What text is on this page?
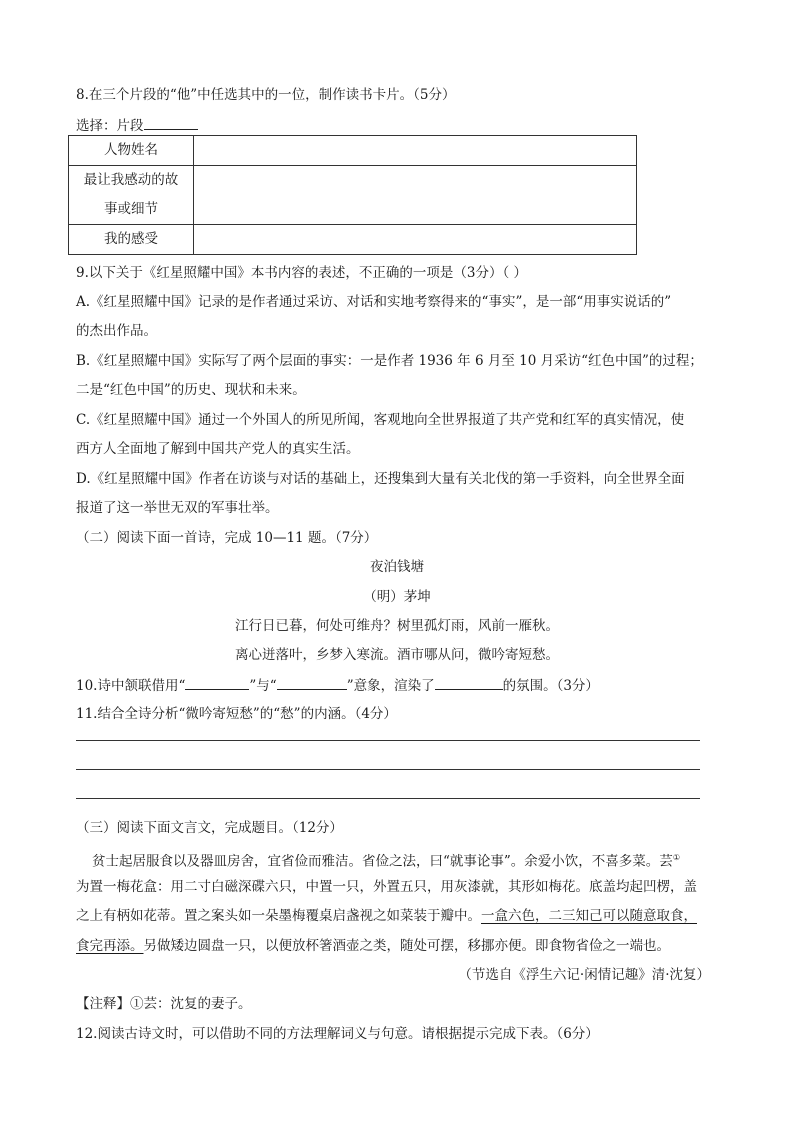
8.在三个片段的“他”中任选其中的一位，制作读书卡片。（5分）
选择：片段
人物姓名	

最让我感动的故
事或细节	

我的感受	
9.以下关于《红星照耀中国》本书内容的表述，不正确的一项是（3分）（ ）
A.《红星照耀中国》记录的是作者通过采访、对话和实地考察得来的“事实”，是一部“用事实说话的”
的杰出作品。
B.《红星照耀中国》实际写了两个层面的事实：一是作者 1936 年 6 月至 10 月采访“红色中国”的过程；
二是“红色中国”的历史、现状和未来。
C.《红星照耀中国》通过一个外国人的所见所闻，客观地向全世界报道了共产党和红军的真实情况，使
西方人全面地了解到中国共产党人的真实生活。
D.《红星照耀中国》作者在访谈与对话的基础上，还搜集到大量有关北伐的第一手资料，向全世界全面
报道了这一举世无双的军事壮举。
（二）阅读下面一首诗，完成 10—11 题。（7分）
夜泊钱塘
（明）茅坤
江行日已暮，何处可维舟？树里孤灯雨，风前一雁秋。
离心迸落叶，乡梦入寒流。酒市哪从问，微吟寄短愁。
10.诗中颔联借用“	”与“	”意象，渲染了	的氛围。（3分）
11.结合全诗分析“微吟寄短愁”的“愁”的内涵。（4分）
（三）阅读下面文言文，完成题目。（12分）
贫士起居服食以及器皿房舍，宜省俭而雅洁。省俭之法，曰“就事论事”。余爱小饮，不喜多菜。芸①
为置一梅花盒：用二寸白磁深碟六只，中置一只，外置五只，用灰漆就，其形如梅花。底盖均起凹楞，盖
之上有柄如花蒂。置之案头如一朵墨梅覆桌启盏视之如菜装于瓣中。一盒六色，二三知己可以随意取食，
食完再添。另做矮边圆盘一只，以便放杯箸酒壶之类，随处可摆，移挪亦便。即食物省俭之一端也。
（节选自《浮生六记·闲情记趣》清·沈复）
【注释】①芸：沈复的妻子。
12.阅读古诗文时，可以借助不同的方法理解词义与句意。请根据提示完成下表。（6分）
